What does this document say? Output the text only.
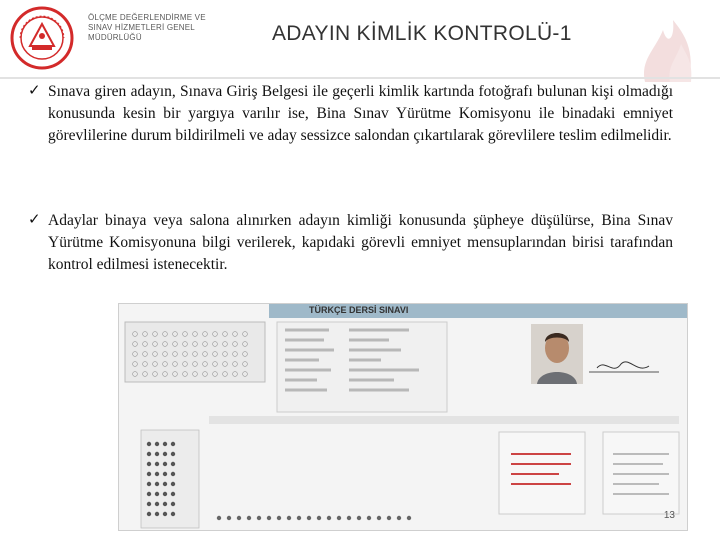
ÖLÇME DEĞERLENDİRME VE
SINAV HİZMETLERİ GENEL
MÜDÜRLÜĞÜ	ADAYIN KİMLİK KONTROLÜ-1
✓ Sınava giren adayın, Sınava Giriş Belgesi ile geçerli kimlik kartında fotoğrafı bulunan kişi olmadığı konusunda kesin bir yargıya varılır ise, Bina Sınav Yürütme Komisyonu ile binadaki emniyet görevlilerine durum bildirilmeli ve aday sessizce salondan çıkartılarak görevlilere teslim edilmelidir.
✓ Adaylar binaya veya salona alınırken adayın kimliği konusunda şüpheye düşülürse, Bina Sınav Yürütme Komisyonuna bilgi verilerek, kapıdaki görevli emniyet mensuplarından birisi tarafından kontrol edilmesi istenecektir.
TÜRKÇE DERSİ SINAVI
13
